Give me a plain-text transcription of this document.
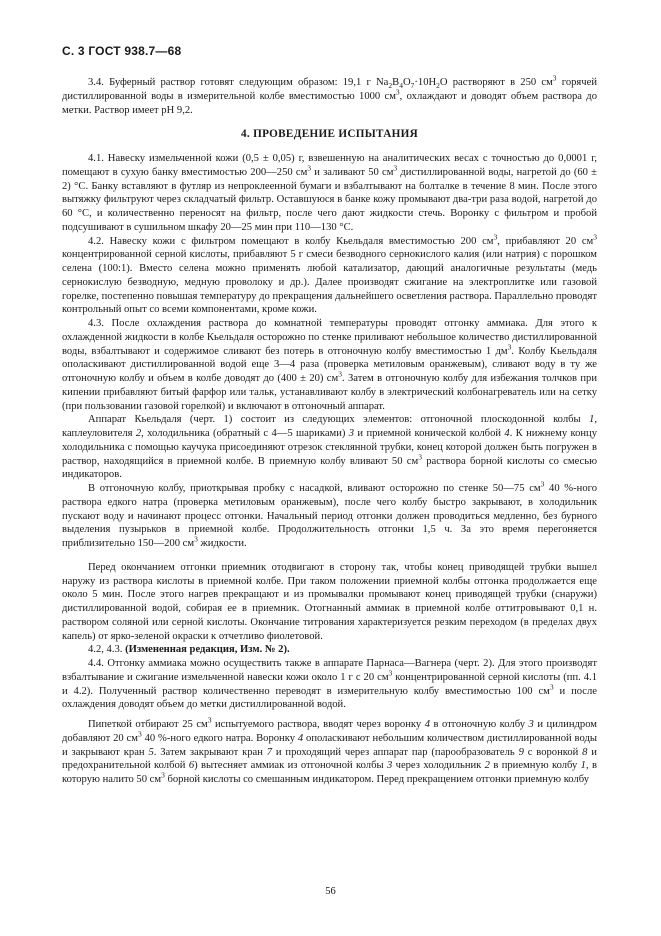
С. 3 ГОСТ 938.7—68

3.4. Буферный раствор готовят следующим образом: 19,1 г $Na_2B_4O_7\cdot 10H_2O$ растворяют в 250 $см^3$ горячей дистиллированной воды в измерительной колбе вместимостью 1000 $см^3$, охлаждают и доводят объем раствора до метки. Раствор имеет pH 9,2.

4. ПРОВЕДЕНИЕ ИСПЫТАНИЯ

4.1. Навеску измельченной кожи (0,5 ± 0,05) г, взвешенную на аналитических весах с точностью до 0,0001 г, помещают в сухую банку вместимостью 200—250 $см^3$ и заливают 50 $см^3$ дистиллированной воды, нагретой до (60 ± 2) °С. Банку вставляют в футляр из непроклеенной бумаги и взбалтывают на болталке в течение 8 мин. После этого вытяжку фильтруют через складчатый фильтр. Оставшуюся в банке кожу промывают два-три раза водой, нагретой до 60 °С, и количественно переносят на фильтр, после чего дают жидкости стечь. Воронку с фильтром и пробой подсушивают в сушильном шкафу 20—25 мин при 110—130 °С.

4.2. Навеску кожи с фильтром помещают в колбу Кьельдаля вместимостью 200 $см^3$, прибавляют 20 $см^3$ концентрированной серной кислоты, прибавляют 5 г смеси безводного сернокислого калия (или натрия) с порошком селена (100:1). Вместо селена можно применять любой катализатор, дающий аналогичные результаты (медь сернокислую безводную, медную проволоку и др.). Далее производят сжигание на электроплитке или газовой горелке, постепенно повышая температуру до прекращения дальнейшего осветления раствора. Параллельно проводят контрольный опыт со всеми компонентами, кроме кожи.

4.3. После охлаждения раствора до комнатной температуры проводят отгонку аммиака. Для этого к охлажденной жидкости в колбе Кьельдаля осторожно по стенке приливают небольшое количество дистиллированной воды, взбалтывают и содержимое сливают без потерь в отгоночную колбу вместимостью 1 $дм^3$. Колбу Кьельдаля ополаскивают дистиллированной водой еще 3—4 раза (проверка метиловым оранжевым), сливают воду в ту же отгоночную колбу и объем в колбе доводят до (400 ± 20) $см^3$. Затем в отгоночную колбу для избежания толчков при кипении прибавляют битый фарфор или тальк, устанавливают колбу в электрический колбонагреватель или на сетку (при пользовании газовой горелкой) и включают в отгоночный аппарат.

Аппарат Кьельдаля (черт. 1) состоит из следующих элементов: отгоночной плоскодонной колбы 1, каплеуловителя 2, холодильника (обратный с 4—5 шариками) 3 и приемной конической колбой 4. К нижнему концу холодильника с помощью каучука присоединяют отрезок стеклянной трубки, конец которой должен быть погружен в раствор, находящийся в приемной колбе. В приемную колбу вливают 50 $см^3$ раствора борной кислоты со смесью индикаторов.

В отгоночную колбу, приоткрывая пробку с насадкой, вливают осторожно по стенке 50—75 $см^3$ 40 %-ного раствора едкого натра (проверка метиловым оранжевым), после чего колбу быстро закрывают, в холодильник пускают воду и начинают процесс отгонки. Начальный период отгонки должен проводиться медленно, без бурного выделения пузырьков в приемной колбе. Продолжительность отгонки 1,5 ч. За это время перегоняется приблизительно 150—200 $см^3$ жидкости.

Перед окончанием отгонки приемник отодвигают в сторону так, чтобы конец приводящей трубки вышел наружу из раствора кислоты в приемной колбе. При таком положении приемной колбы отгонка продолжается еще около 5 мин. После этого нагрев прекращают и из промывалки промывают конец приводящей трубки (снаружи) дистиллированной водой, собирая ее в приемник. Отогнанный аммиак в приемной колбе оттитровывают 0,1 н. раствором соляной или серной кислоты. Окончание титрования характеризуется резким переходом (в пределах двух капель) от ярко-зеленой окраски к отчетливо фиолетовой.

4.2, 4.3. (Измененная редакция, Изм. № 2).

4.4. Отгонку аммиака можно осуществить также в аппарате Парнаса—Вагнера (черт. 2). Для этого производят взбалтывание и сжигание измельченной навески кожи около 1 г с 20 $см^3$ концентрированной серной кислоты (пп. 4.1 и 4.2). Полученный раствор количественно переводят в измерительную колбу вместимостью 100 $см^3$ и после охлаждения доводят объем до метки дистиллированной водой.

Пипеткой отбирают 25 $см^3$ испытуемого раствора, вводят через воронку 4 в отгоночную колбу 3 и цилиндром добавляют 20 $см^3$ 40 %-ного едкого натра. Воронку 4 ополаскивают небольшим количеством дистиллированной воды и закрывают кран 5. Затем закрывают кран 7 и проходящий через аппарат пар (парообразователь 9 с воронкой 8 и предохранительной колбой 6) вытесняет аммиак из отгоночной колбы 3 через холодильник 2 в приемную колбу 1, в которую налито 50 $см^3$ борной кислоты со смешанным индикатором. Перед прекращением отгонки приемную колбу

56
